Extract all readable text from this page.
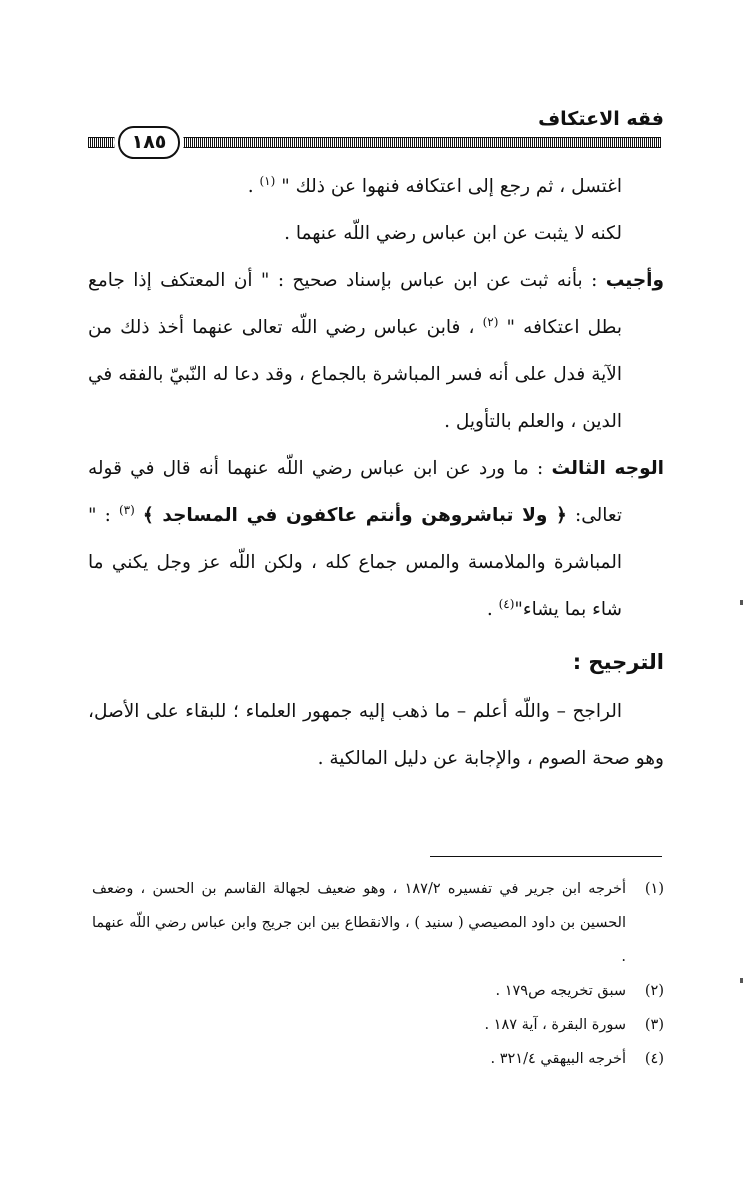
فقه الاعتكاف
١٨٥

اغتسل ، ثم رجع إلى اعتكافه فنهوا عن ذلك " $^{(١)}$ .

لكنه لا يثبت عن ابن عباس رضي اللّه عنهما .

وأجيب : بأنه ثبت عن ابن عباس بإسناد صحيح : " أن المعتكف إذا جامع بطل اعتكافه " $^{(٢)}$ ، فابن عباس رضي اللّه تعالى عنهما أخذ ذلك من الآية فدل على أنه فسر المباشرة بالجماع ، وقد دعا له النّبيّ بالفقه في الدين ، والعلم بالتأويل .

الوجه الثالث : ما ورد عن ابن عباس رضي اللّه عنهما أنه قال في قوله تعالى: ﴿ ولا تباشروهن وأنتم عاكفون في المساجد ﴾ $^{(٣)}$ : " المباشرة والملامسة والمس جماع كله ، ولكن اللّه عز وجل يكني ما شاء بما يشاء"$^{(٤)}$ .

الترجيح :

الراجح – واللّه أعلم – ما ذهب إليه جمهور العلماء ؛ للبقاء على الأصل، وهو صحة الصوم ، والإجابة عن دليل المالكية .

(١)
أخرجه ابن جرير في تفسيره ١٨٧/٢ ، وهو ضعيف لجهالة القاسم بن الحسن ، وضعف الحسين بن داود المصيصي ( سنيد ) ، والانقطاع بين ابن جريج وابن عباس رضي اللّه عنهما .

(٢)
سبق تخريجه ص١٧٩ .

(٣)
سورة البقرة ، آية ١٨٧ .

(٤)
أخرجه البيهقي ٣٢١/٤ .
